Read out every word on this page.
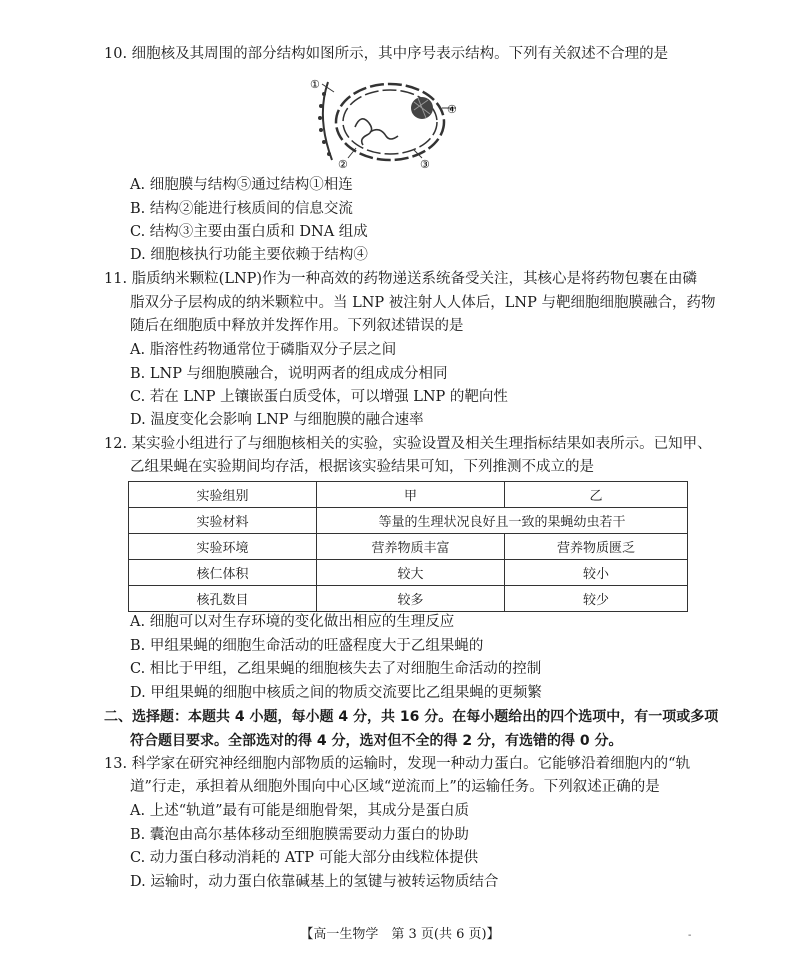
10. 细胞核及其周围的部分结构如图所示，其中序号表示结构。下列有关叙述不合理的是
①
④
②	③
A. 细胞膜与结构⑤通过结构①相连
B. 结构②能进行核质间的信息交流
C. 结构③主要由蛋白质和 DNA 组成
D. 细胞核执行功能主要依赖于结构④
11. 脂质纳米颗粒(LNP)作为一种高效的药物递送系统备受关注，其核心是将药物包裹在由磷
脂双分子层构成的纳米颗粒中。当 LNP 被注射人人体后，LNP 与靶细胞细胞膜融合，药物
随后在细胞质中释放并发挥作用。下列叙述错误的是
A. 脂溶性药物通常位于磷脂双分子层之间
B. LNP 与细胞膜融合，说明两者的组成成分相同
C. 若在 LNP 上镶嵌蛋白质受体，可以增强 LNP 的靶向性
D. 温度变化会影响 LNP 与细胞膜的融合速率
12. 某实验小组进行了与细胞核相关的实验，实验设置及相关生理指标结果如表所示。已知甲、
乙组果蝇在实验期间均存活，根据该实验结果可知，下列推测不成立的是
实验组别	甲	乙
实验材料	等量的生理状况良好且一致的果蝇幼虫若干	
实验环境	营养物质丰富	营养物质匮乏
核仁体积	较大	较小
核孔数目	较多	较少
A. 细胞可以对生存环境的变化做出相应的生理反应
B. 甲组果蝇的细胞生命活动的旺盛程度大于乙组果蝇的
C. 相比于甲组，乙组果蝇的细胞核失去了对细胞生命活动的控制
D. 甲组果蝇的细胞中核质之间的物质交流要比乙组果蝇的更频繁
二、选择题：本题共 4 小题，每小题 4 分，共 16 分。在每小题给出的四个选项中，有一项或多项
符合题目要求。全部选对的得 4 分，选对但不全的得 2 分，有选错的得 0 分。
13. 科学家在研究神经细胞内部物质的运输时，发现一种动力蛋白。它能够沿着细胞内的“轨
道”行走，承担着从细胞外围向中心区域“逆流而上”的运输任务。下列叙述正确的是
A. 上述“轨道”最有可能是细胞骨架，其成分是蛋白质
B. 囊泡由高尔基体移动至细胞膜需要动力蛋白的协助
C. 动力蛋白移动消耗的 ATP 可能大部分由线粒体提供
D. 运输时，动力蛋白依靠碱基上的氢键与被转运物质结合
【高一生物学　第 3 页(共 6 页)】	-
